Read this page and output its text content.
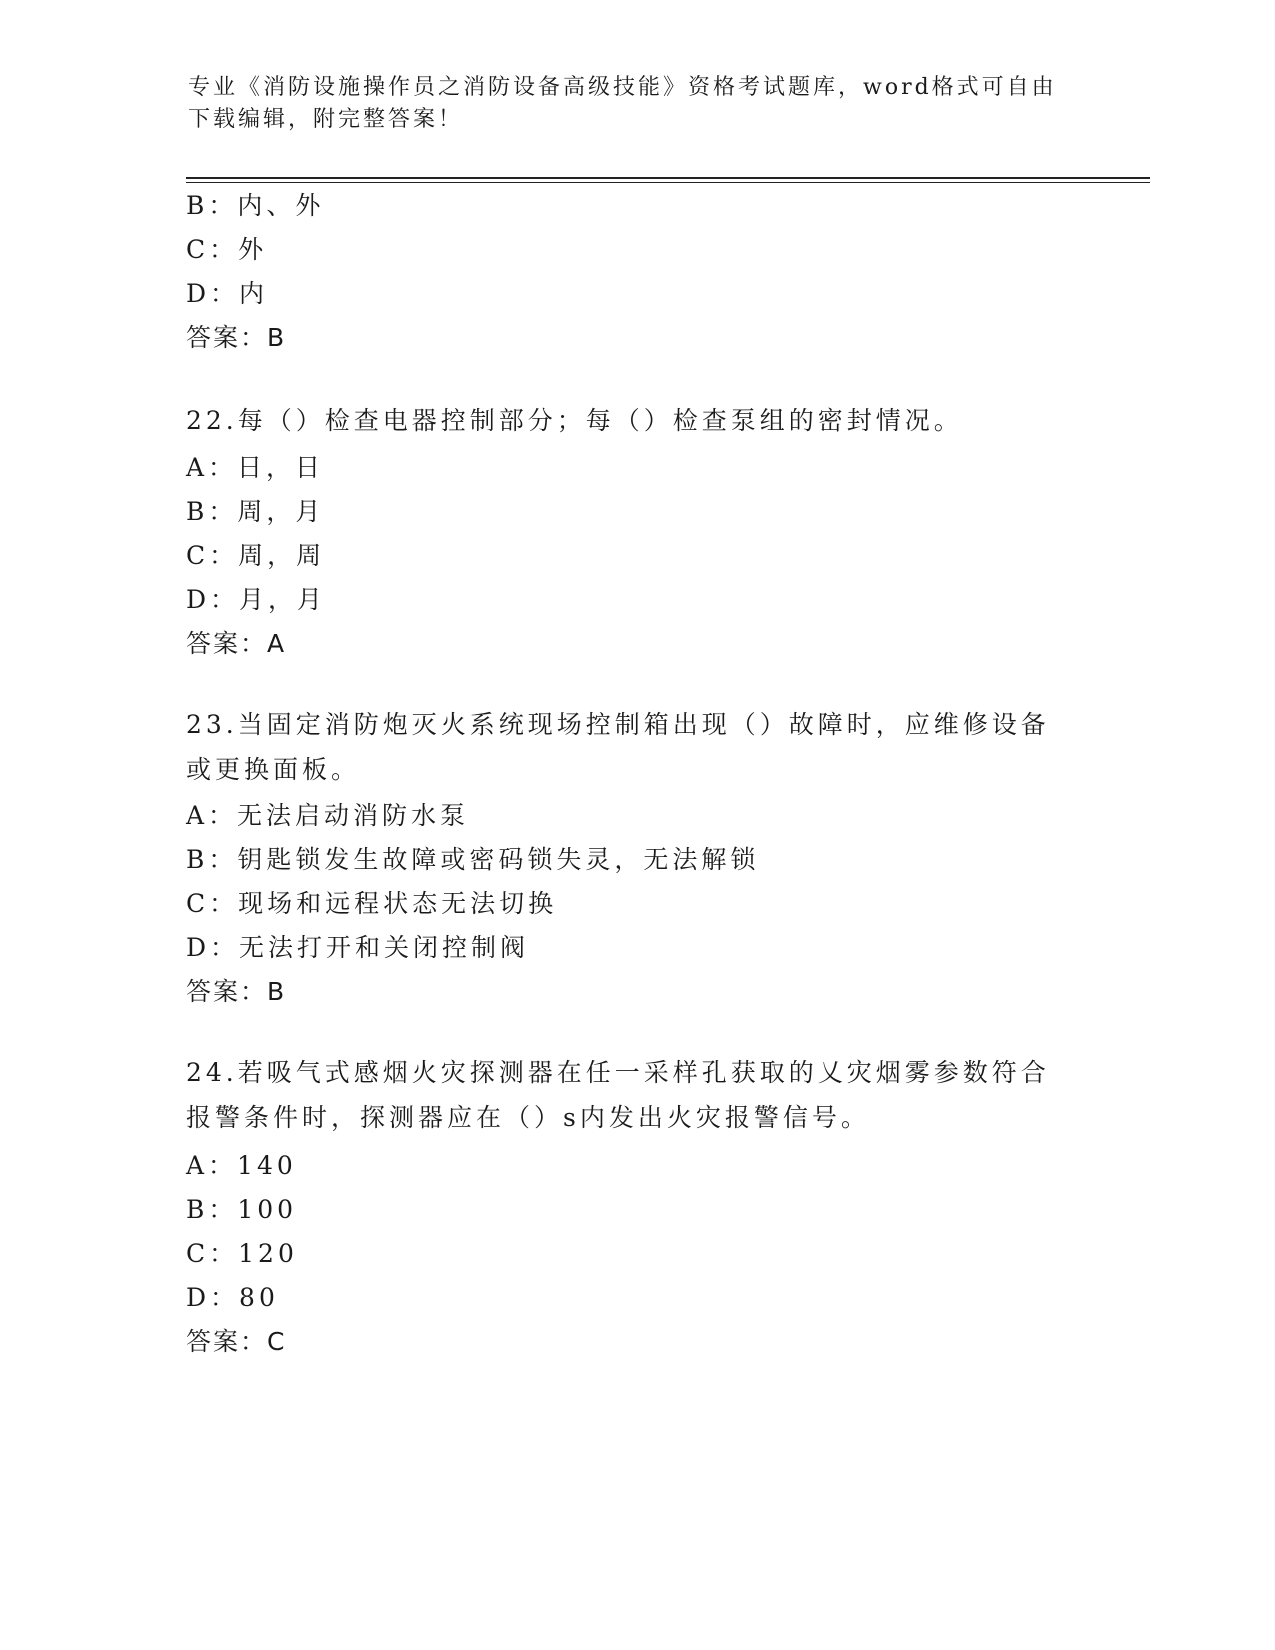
专业《消防设施操作员之消防设备高级技能》资格考试题库，word格式可自由下载编辑，附完整答案！
B：内、外
C：外
D：内
答案：B
22.每（）检查电器控制部分；每（）检查泵组的密封情况。
A：日，日
B：周，月
C：周，周
D：月，月
答案：A
23.当固定消防炮灭火系统现场控制箱出现（）故障时，应维修设备或更换面板。
A：无法启动消防水泵
B：钥匙锁发生故障或密码锁失灵，无法解锁
C：现场和远程状态无法切换
D：无法打开和关闭控制阀
答案：B
24.若吸气式感烟火灾探测器在任一采样孔获取的乂灾烟雾参数符合报警条件时，探测器应在（）s内发出火灾报警信号。
A：140
B：100
C：120
D：80
答案：C
